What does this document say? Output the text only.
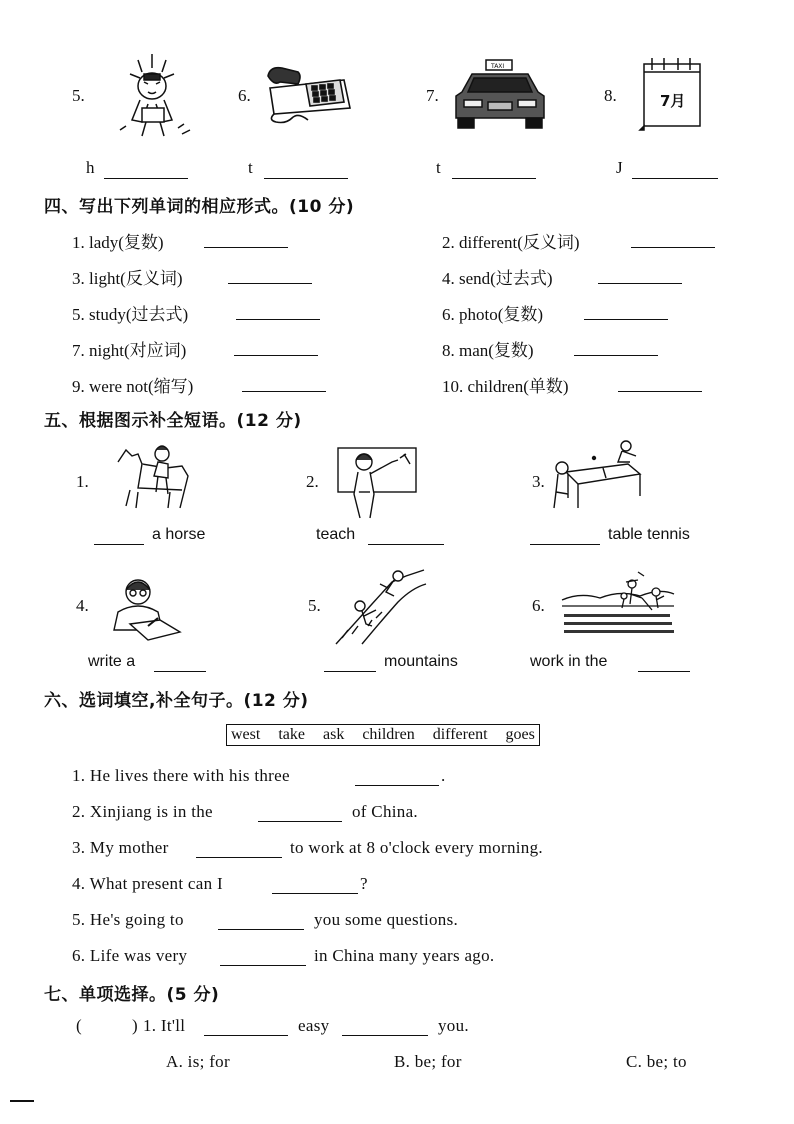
5.
h
6.
t
7.
TAXI
t
8.	7月
J
四、写出下列单词的相应形式。(10 分)
1. lady(复数)	2. different(反义词)
3. light(反义词)	4. send(过去式)
5. study(过去式)	6. photo(复数)
7. night(对应词)	8. man(复数)
9. were not(缩写)	10. children(单数)
五、根据图示补全短语。(12 分)
1.
a horse
2.
teach
3.
table tennis
4.
write a
5.
mountains
6.
work in the
六、选词填空,补全句子。(12 分)
west take ask children different goes
1. He lives there with his three	.
2. Xinjiang is in the	of China.
3. My mother	to work at 8 o'clock every morning.
4. What present can I	?
5. He's going to	you some questions.
6. Life was very	in China many years ago.
七、单项选择。(5 分)
(	) 1. It'll	easy	you.
A. is; for	B. be; for	C. be; to
